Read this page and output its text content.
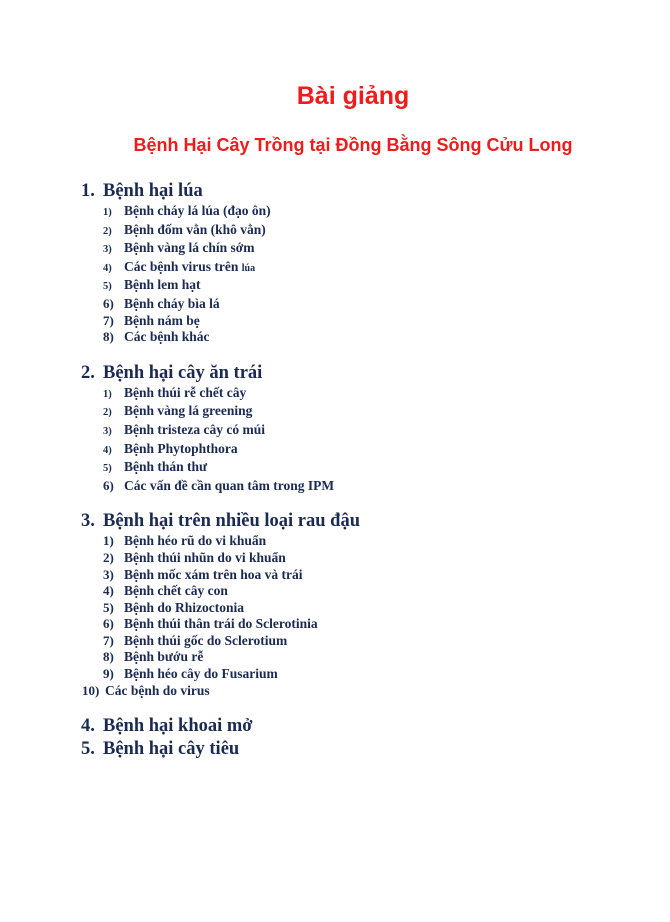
Bài giảng
Bệnh Hại Cây Trồng tại Đồng Bằng Sông Cửu Long
1. Bệnh hại lúa
1) Bệnh cháy lá lúa (đạo ôn)
2) Bệnh đốm vằn (khô vằn)
3) Bệnh vàng lá chín sớm
4) Các bệnh virus trên lúa
5) Bệnh lem hạt
6) Bệnh cháy bìa lá
7) Bệnh nám bẹ
8) Các bệnh khác
2. Bệnh hại cây ăn trái
1) Bệnh thúi rễ chết cây
2) Bệnh vàng lá greening
3) Bệnh tristeza cây có múi
4) Bệnh Phytophthora
5) Bệnh thán thư
6) Các vấn đề cần quan tâm trong IPM
3. Bệnh hại trên nhiều loại rau đậu
1) Bệnh héo rũ do vi khuẩn
2) Bệnh thúi nhũn do vi khuẩn
3) Bệnh mốc xám trên hoa và trái
4) Bệnh chết cây con
5) Bệnh do Rhizoctonia
6) Bệnh thúi thân trái do Sclerotinia
7) Bệnh thúi gốc do Sclerotium
8) Bệnh bướu rễ
9) Bệnh héo cây do Fusarium
10) Các bệnh do virus
4. Bệnh hại khoai mở
5. Bệnh hại cây tiêu
